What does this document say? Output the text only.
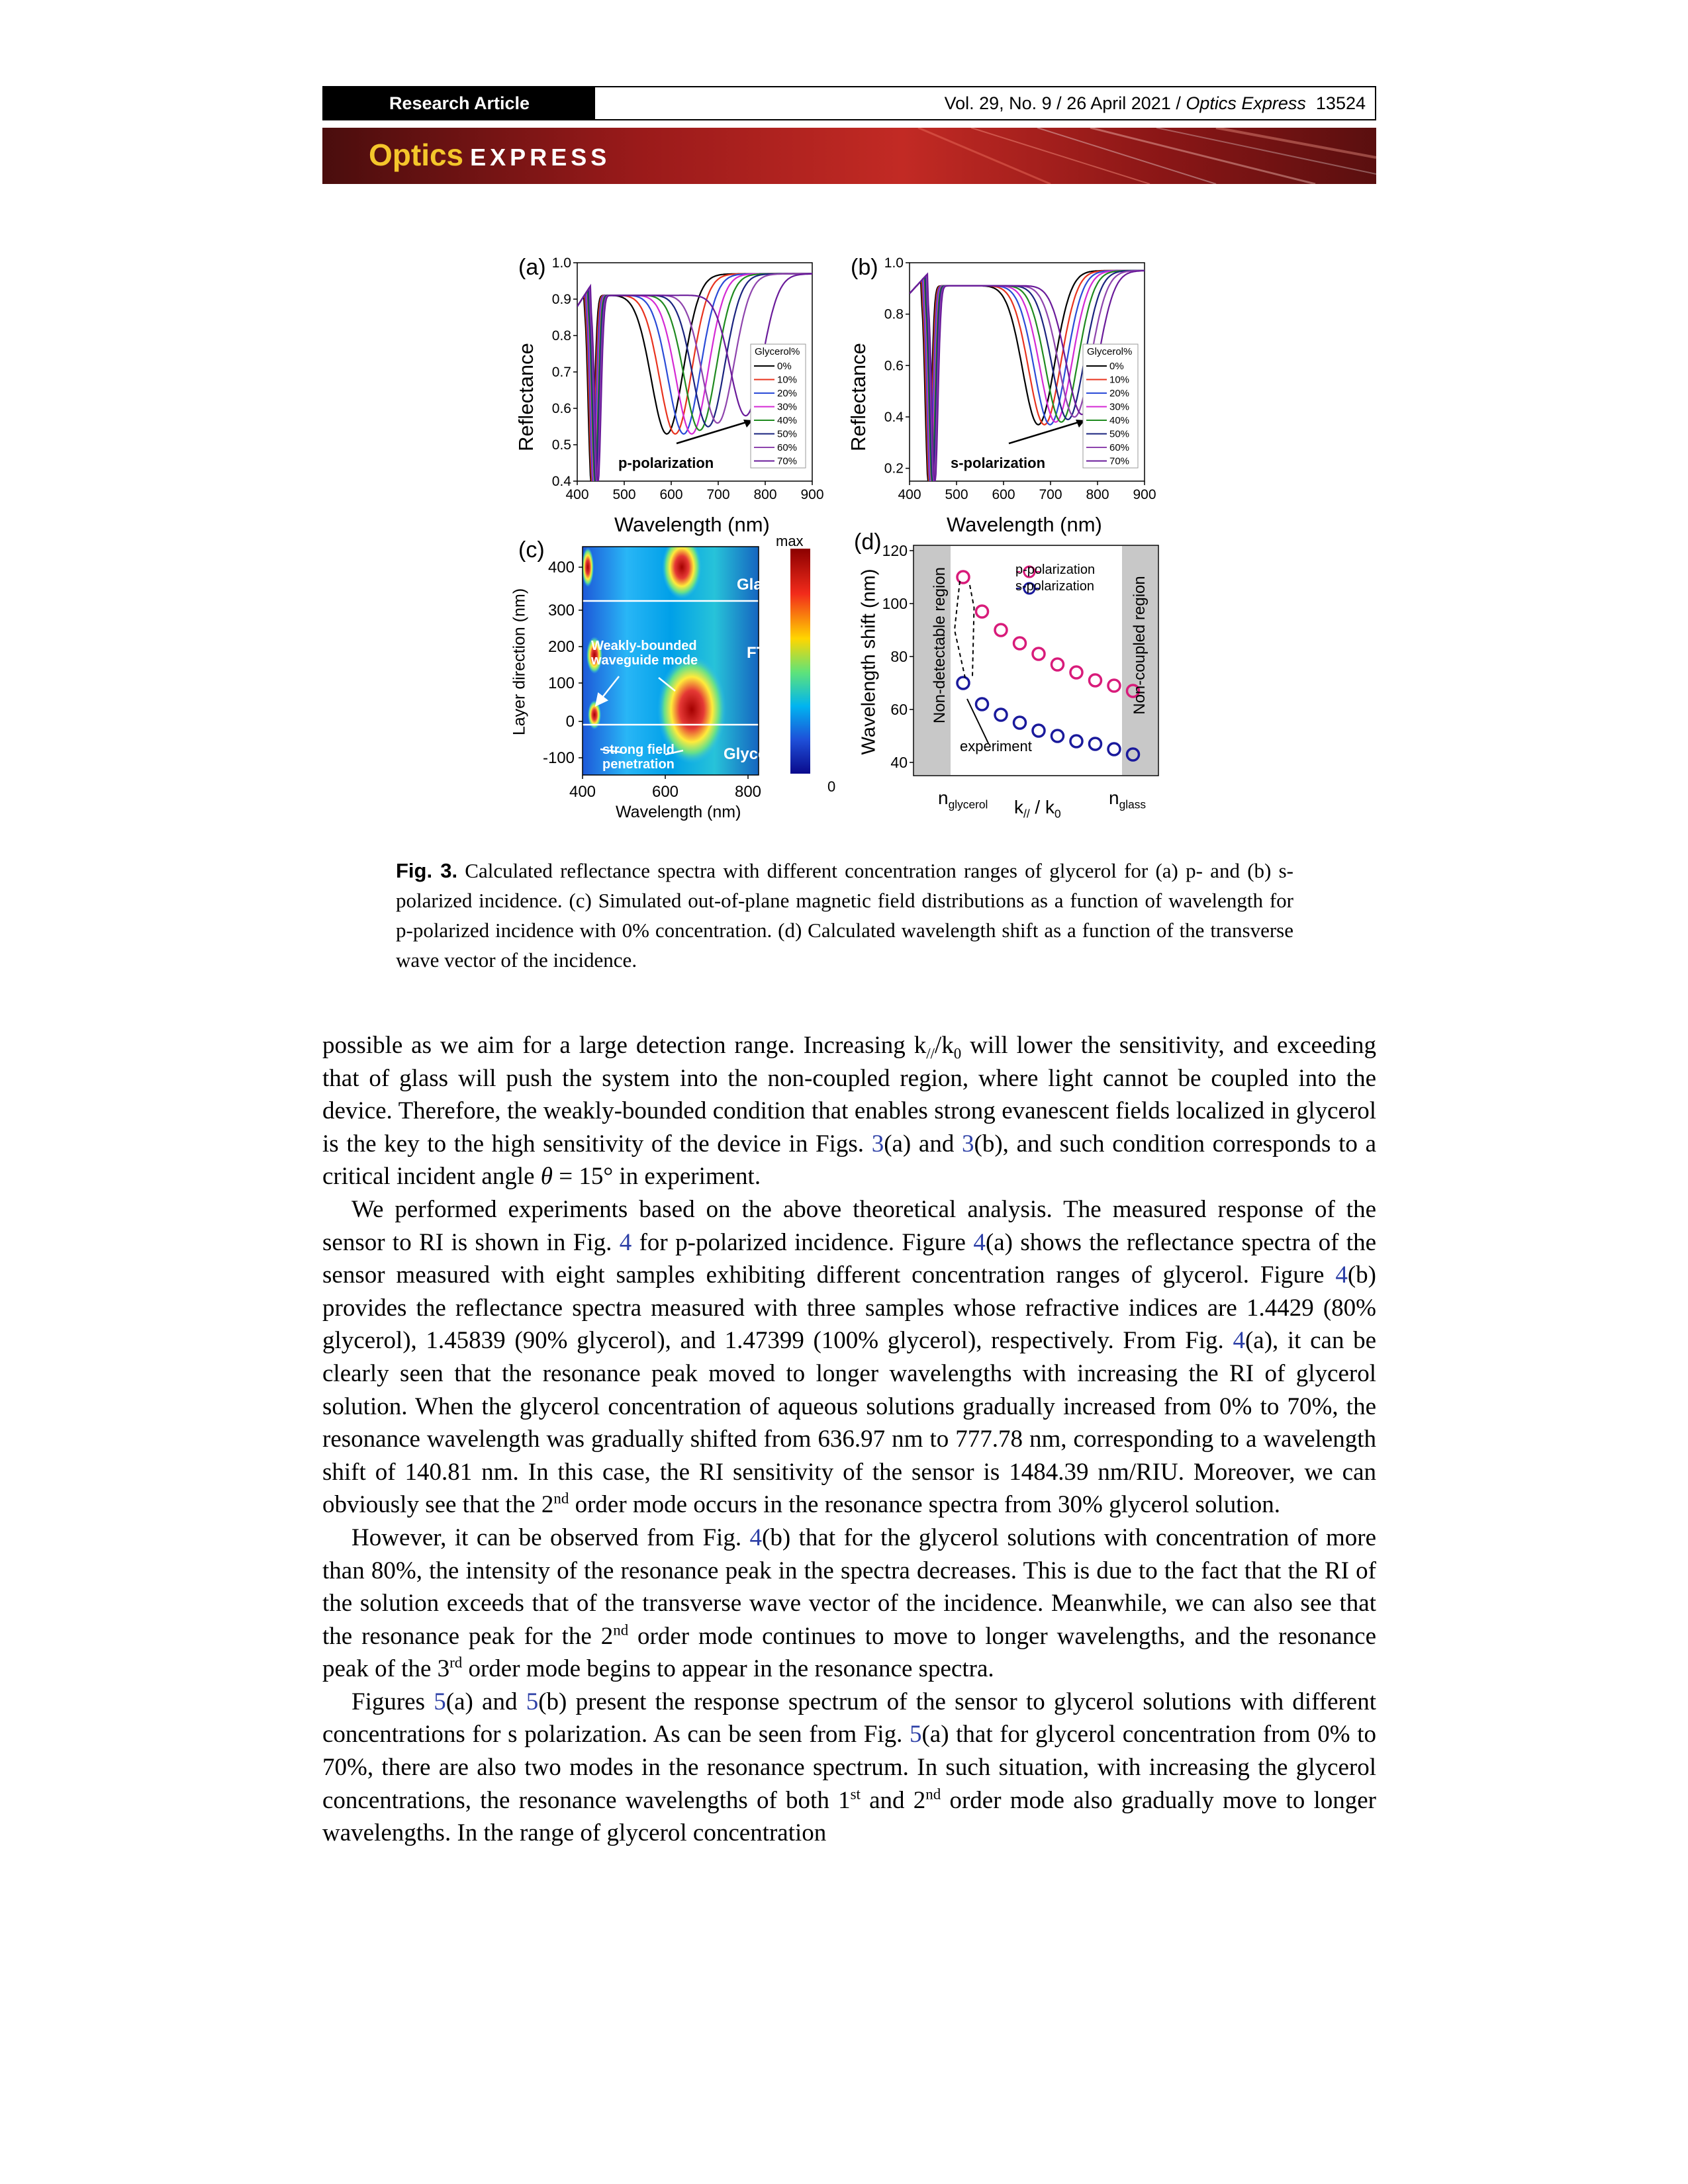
Research Article	Vol. 29, No. 9 / 26 April 2021 / Optics Express 13524
Optics EXPRESS
(a)
0.4
0.5
0.6
0.7
0.8
0.9
1.0
400 500 600 700 800 900
p-polarization
Glycerol%
0%
10%
20%
30%
40%
50%
60%
70%
Reflectance
Wavelength (nm)
(b)
0.2
0.4
0.6
0.8
1.0
400 500 600 700 800 900
s-polarization
Glycerol%
0%
10%
20%
30%
40%
50%
60%
70%
Reflectance
Wavelength (nm)
(c)
400
300
200
100
0
-100
400	600	800
Layer direction (nm)
Wavelength (nm)
max
0
Glass
FTO
Glycerol
Weakly-bounded
waveguide mode
strong field
penetration
(d)
40
60
80
100
120
Wavelength shift (nm)	Non-detectable region	Non-coupled region
p-polarization
s-polarization
experiment
$n_{glycerol}$ $k_{//} / k_0$
$n_{glass}$
Fig. 3. Calculated reflectance spectra with different concentration ranges of glycerol for (a) p- and (b) s-polarized incidence. (c) Simulated out-of-plane magnetic field distributions as a function of wavelength for p-polarized incidence with 0% concentration. (d) Calculated wavelength shift as a function of the transverse wave vector of the incidence.

possible as we aim for a large detection range. Increasing $k_{//}/k_0$ will lower the sensitivity, and exceeding that of glass will push the system into the non-coupled region, where light cannot be coupled into the device. Therefore, the weakly-bounded condition that enables strong evanescent fields localized in glycerol is the key to the high sensitivity of the device in Figs. 3(a) and 3(b), and such condition corresponds to a critical incident angle θ = 15° in experiment.

We performed experiments based on the above theoretical analysis. The measured response of the sensor to RI is shown in Fig. 4 for p-polarized incidence. Figure 4(a) shows the reflectance spectra of the sensor measured with eight samples exhibiting different concentration ranges of glycerol. Figure 4(b) provides the reflectance spectra measured with three samples whose refractive indices are 1.4429 (80% glycerol), 1.45839 (90% glycerol), and 1.47399 (100% glycerol), respectively. From Fig. 4(a), it can be clearly seen that the resonance peak moved to longer wavelengths with increasing the RI of glycerol solution. When the glycerol concentration of aqueous solutions gradually increased from 0% to 70%, the resonance wavelength was gradually shifted from 636.97 nm to 777.78 nm, corresponding to a wavelength shift of 140.81 nm. In this case, the RI sensitivity of the sensor is 1484.39 nm/RIU. Moreover, we can obviously see that the 2nd order mode occurs in the resonance spectra from 30% glycerol solution.

However, it can be observed from Fig. 4(b) that for the glycerol solutions with concentration of more than 80%, the intensity of the resonance peak in the spectra decreases. This is due to the fact that the RI of the solution exceeds that of the transverse wave vector of the incidence. Meanwhile, we can also see that the resonance peak for the 2nd order mode continues to move to longer wavelengths, and the resonance peak of the 3rd order mode begins to appear in the resonance spectra.

Figures 5(a) and 5(b) present the response spectrum of the sensor to glycerol solutions with different concentrations for s polarization. As can be seen from Fig. 5(a) that for glycerol concentration from 0% to 70%, there are also two modes in the resonance spectrum. In such situation, with increasing the glycerol concentrations, the resonance wavelengths of both 1st and 2nd order mode also gradually move to longer wavelengths. In the range of glycerol concentration
